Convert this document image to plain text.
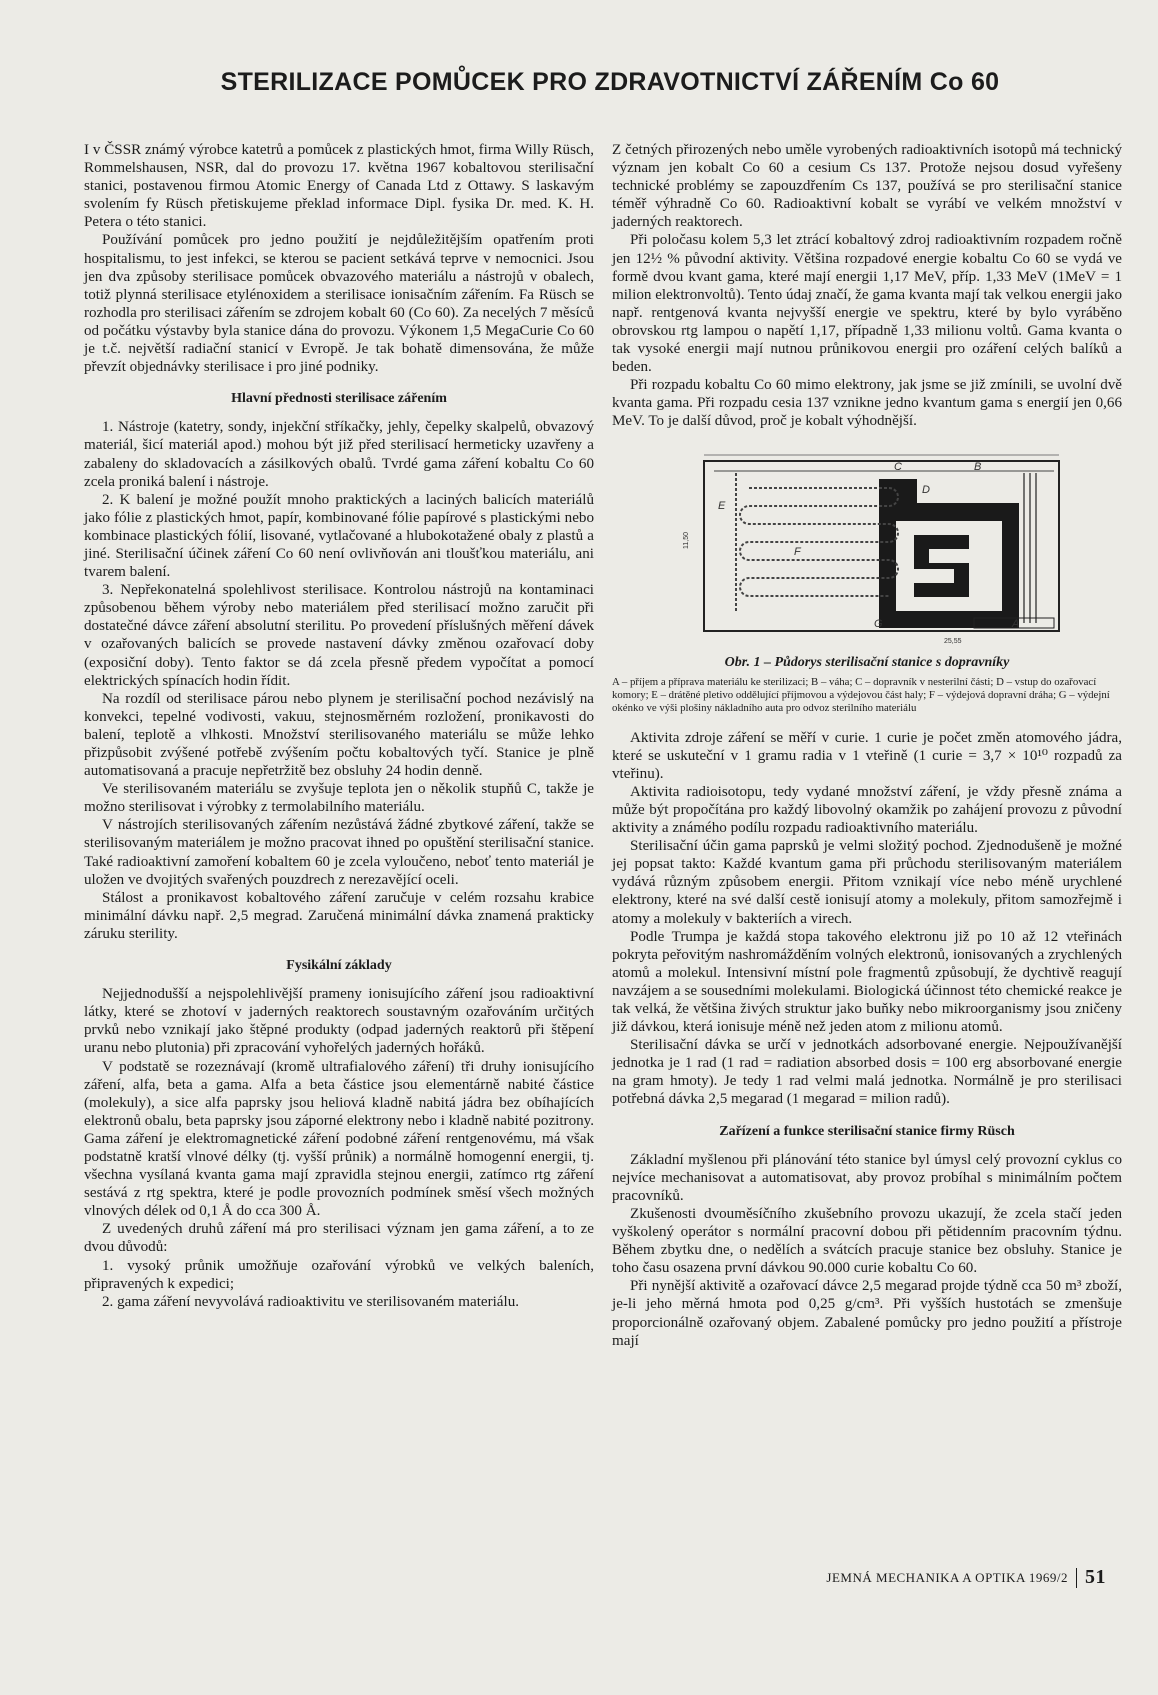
STERILIZACE POMŮCEK PRO ZDRAVOTNICTVÍ ZÁŘENÍM Co 60

I v ČSSR známý výrobce katetrů a pomůcek z plastických hmot, firma Willy Rüsch, Rommelshausen, NSR, dal do provozu 17. května 1967 kobaltovou sterilisační stanici, postavenou firmou Atomic Energy of Canada Ltd z Ottawy. S laskavým svolením fy Rüsch přetiskujeme překlad informace Dipl. fysika Dr. med. K. H. Petera o této stanici.

Používání pomůcek pro jedno použití je nejdůležitějším opatřením proti hospitalismu, to jest infekci, se kterou se pacient setkává teprve v nemocnici. Jsou jen dva způsoby sterilisace pomůcek obvazového materiálu a nástrojů v obalech, totiž plynná sterilisace etylénoxidem a sterilisace ionisačním zářením. Fa Rüsch se rozhodla pro sterilisaci zářením se zdrojem kobalt 60 (Co 60). Za necelých 7 měsíců od počátku výstavby byla stanice dána do provozu. Výkonem 1,5 MegaCurie Co 60 je t.č. největší radiační stanicí v Evropě. Je tak bohatě dimensována, že může převzít objednávky sterilisace i pro jiné podniky.

Hlavní přednosti sterilisace zářením

1. Nástroje (katetry, sondy, injekční stříkačky, jehly, čepelky skalpelů, obvazový materiál, šicí materiál apod.) mohou být již před sterilisací hermeticky uzavřeny a zabaleny do skladovacích a zásilkových obalů. Tvrdé gama záření kobaltu Co 60 zcela proniká balení i nástroje.

2. K balení je možné použít mnoho praktických a laciných balicích materiálů jako fólie z plastických hmot, papír, kombinované fólie papírové s plastickými nebo kombinace plastických fólií, lisované, vytlačované a hlubokotažené obaly z plastů a jiné. Sterilisační účinek záření Co 60 není ovlivňován ani tloušťkou materiálu, ani tvarem balení.

3. Nepřekonatelná spolehlivost sterilisace. Kontrolou nástrojů na kontaminaci způsobenou během výroby nebo materiálem před sterilisací možno zaručit při dostatečné dávce záření absolutní sterilitu. Po provedení příslušných měření dávek v ozařovaných balicích se provede nastavení dávky změnou ozařovací doby (exposiční doby). Tento faktor se dá zcela přesně předem vypočítat a pomocí elektrických spínacích hodin řídit.

Na rozdíl od sterilisace párou nebo plynem je sterilisační pochod nezávislý na konvekci, tepelné vodivosti, vakuu, stejnosměrném rozložení, pronikavosti do balení, teplotě a vlhkosti. Množství sterilisovaného materiálu se může lehko přizpůsobit zvýšené potřebě zvýšením počtu kobaltových tyčí. Stanice je plně automatisovaná a pracuje nepřetržitě bez obsluhy 24 hodin denně.

Ve sterilisovaném materiálu se zvyšuje teplota jen o několik stupňů C, takže je možno sterilisovat i výrobky z termolabilního materiálu.

V nástrojích sterilisovaných zářením nezůstává žádné zbytkové záření, takže se sterilisovaným materiálem je možno pracovat ihned po opuštění sterilisační stanice. Také radioaktivní zamoření kobaltem 60 je zcela vyloučeno, neboť tento materiál je uložen ve dvojitých svařených pouzdrech z nerezavějící oceli.

Stálost a pronikavost kobaltového záření zaručuje v celém rozsahu krabice minimální dávku např. 2,5 megrad. Zaručená minimální dávka znamená prakticky záruku sterility.

Fysikální základy

Nejjednodušší a nejspolehlivější prameny ionisujícího záření jsou radioaktivní látky, které se zhotoví v jaderných reaktorech soustavným ozařováním určitých prvků nebo vznikají jako štěpné produkty (odpad jaderných reaktorů při štěpení uranu nebo plutonia) při zpracování vyhořelých jaderných hořáků.

V podstatě se rozeznávají (kromě ultrafialového záření) tři druhy ionisujícího záření, alfa, beta a gama. Alfa a beta částice jsou elementárně nabité částice (molekuly), a sice alfa paprsky jsou heliová kladně nabitá jádra bez obíhajících elektronů obalu, beta paprsky jsou záporné elektrony nebo i kladně nabité pozitrony. Gama záření je elektromagnetické záření podobné záření rentgenovému, má však podstatně kratší vlnové délky (tj. vyšší průnik) a normálně homogenní energii, tj. všechna vysílaná kvanta gama mají zpravidla stejnou energii, zatímco rtg záření sestává z rtg spektra, které je podle provozních podmínek směsí všech možných vlnových délek od 0,1 Å do cca 300 Å.

Z uvedených druhů záření má pro sterilisaci význam jen gama záření, a to ze dvou důvodů:

1. vysoký průnik umožňuje ozařování výrobků ve velkých baleních, připravených k expedici;

2. gama záření nevyvolává radioaktivitu ve sterilisovaném materiálu.

Z četných přirozených nebo uměle vyrobených radioaktivních isotopů má technický význam jen kobalt Co 60 a cesium Cs 137. Protože nejsou dosud vyřešeny technické problémy se zapouzdřením Cs 137, používá se pro sterilisační stanice téměř výhradně Co 60. Radioaktivní kobalt se vyrábí ve velkém množství v jaderných reaktorech.

Při poločasu kolem 5,3 let ztrácí kobaltový zdroj radioaktivním rozpadem ročně jen 12½ % původní aktivity. Většina rozpadové energie kobaltu Co 60 se vydá ve formě dvou kvant gama, které mají energii 1,17 MeV, příp. 1,33 MeV (1MeV = 1 milion elektronvoltů). Tento údaj značí, že gama kvanta mají tak velkou energii jako např. rentgenová kvanta nejvyšší energie ve spektru, které by bylo vyráběno obrovskou rtg lampou o napětí 1,17, případně 1,33 milionu voltů. Gama kvanta o tak vysoké energii mají nutnou průnikovou energii pro ozáření celých balíků a beden.

Při rozpadu kobaltu Co 60 mimo elektrony, jak jsme se již zmínili, se uvolní dvě kvanta gama. Při rozpadu cesia 137 vznikne jedno kvantum gama s energií jen 0,66 MeV. To je další důvod, proč je kobalt výhodnější.

A
B
C
D
E
F
G
11,50
25,55
Obr. 1 – Půdorys sterilisační stanice s dopravníky
A – příjem a příprava materiálu ke sterilizaci; B – váha; C – dopravník v nesterilní části; D – vstup do ozařovací komory; E – drátěné pletivo oddělující příjmovou a výdejovou část haly; F – výdejová dopravní dráha; G – výdejní okénko ve výši plošiny nákladního auta pro odvoz sterilního materiálu

Aktivita zdroje záření se měří v curie. 1 curie je počet změn atomového jádra, které se uskuteční v 1 gramu radia v 1 vteřině (1 curie = 3,7 × 10¹⁰ rozpadů za vteřinu).

Aktivita radioisotopu, tedy vydané množství záření, je vždy přesně známa a může být propočítána pro každý libovolný okamžik po zahájení provozu z původní aktivity a známého podílu rozpadu radioaktivního materiálu.

Sterilisační účin gama paprsků je velmi složitý pochod. Zjednodušeně je možné jej popsat takto: Každé kvantum gama při průchodu sterilisovaným materiálem vydává různým způsobem energii. Přitom vznikají více nebo méně urychlené elektrony, které na své další cestě ionisují atomy a molekuly, přitom samozřejmě i atomy a molekuly v bakteriích a virech.

Podle Trumpa je každá stopa takového elektronu již po 10 až 12 vteřinách pokryta peřovitým nashromážděním volných elektronů, ionisovaných a zrychlených atomů a molekul. Intensivní místní pole fragmentů způsobují, že dychtivě reagují navzájem a se sousedními molekulami. Biologická účinnost této chemické reakce je tak velká, že většina živých struktur jako buňky nebo mikroorganismy jsou zničeny již dávkou, která ionisuje méně než jeden atom z milionu atomů.

Sterilisační dávka se určí v jednotkách adsorbované energie. Nejpoužívanější jednotka je 1 rad (1 rad = radiation absorbed dosis = 100 erg absorbované energie na gram hmoty). Je tedy 1 rad velmi malá jednotka. Normálně je pro sterilisaci potřebná dávka 2,5 megarad (1 megarad = milion radů).

Zařízení a funkce sterilisační stanice firmy Rüsch

Základní myšlenou při plánování této stanice byl úmysl celý provozní cyklus co nejvíce mechanisovat a automatisovat, aby provoz probíhal s minimálním počtem pracovníků.

Zkušenosti dvouměsíčního zkušebního provozu ukazují, že zcela stačí jeden vyškolený operátor s normální pracovní dobou při pětidenním pracovním týdnu. Během zbytku dne, o nedělích a svátcích pracuje stanice bez obsluhy. Stanice je toho času osazena první dávkou 90.000 curie kobaltu Co 60.

Při nynější aktivitě a ozařovací dávce 2,5 megarad projde týdně cca 50 m³ zboží, je-li jeho měrná hmota pod 0,25 g/cm³. Při vyšších hustotách se zmenšuje proporcionálně ozařovaný objem. Zabalené pomůcky pro jedno použití a přístroje mají

JEMNÁ MECHANIKA A OPTIKA 1969/2 51
